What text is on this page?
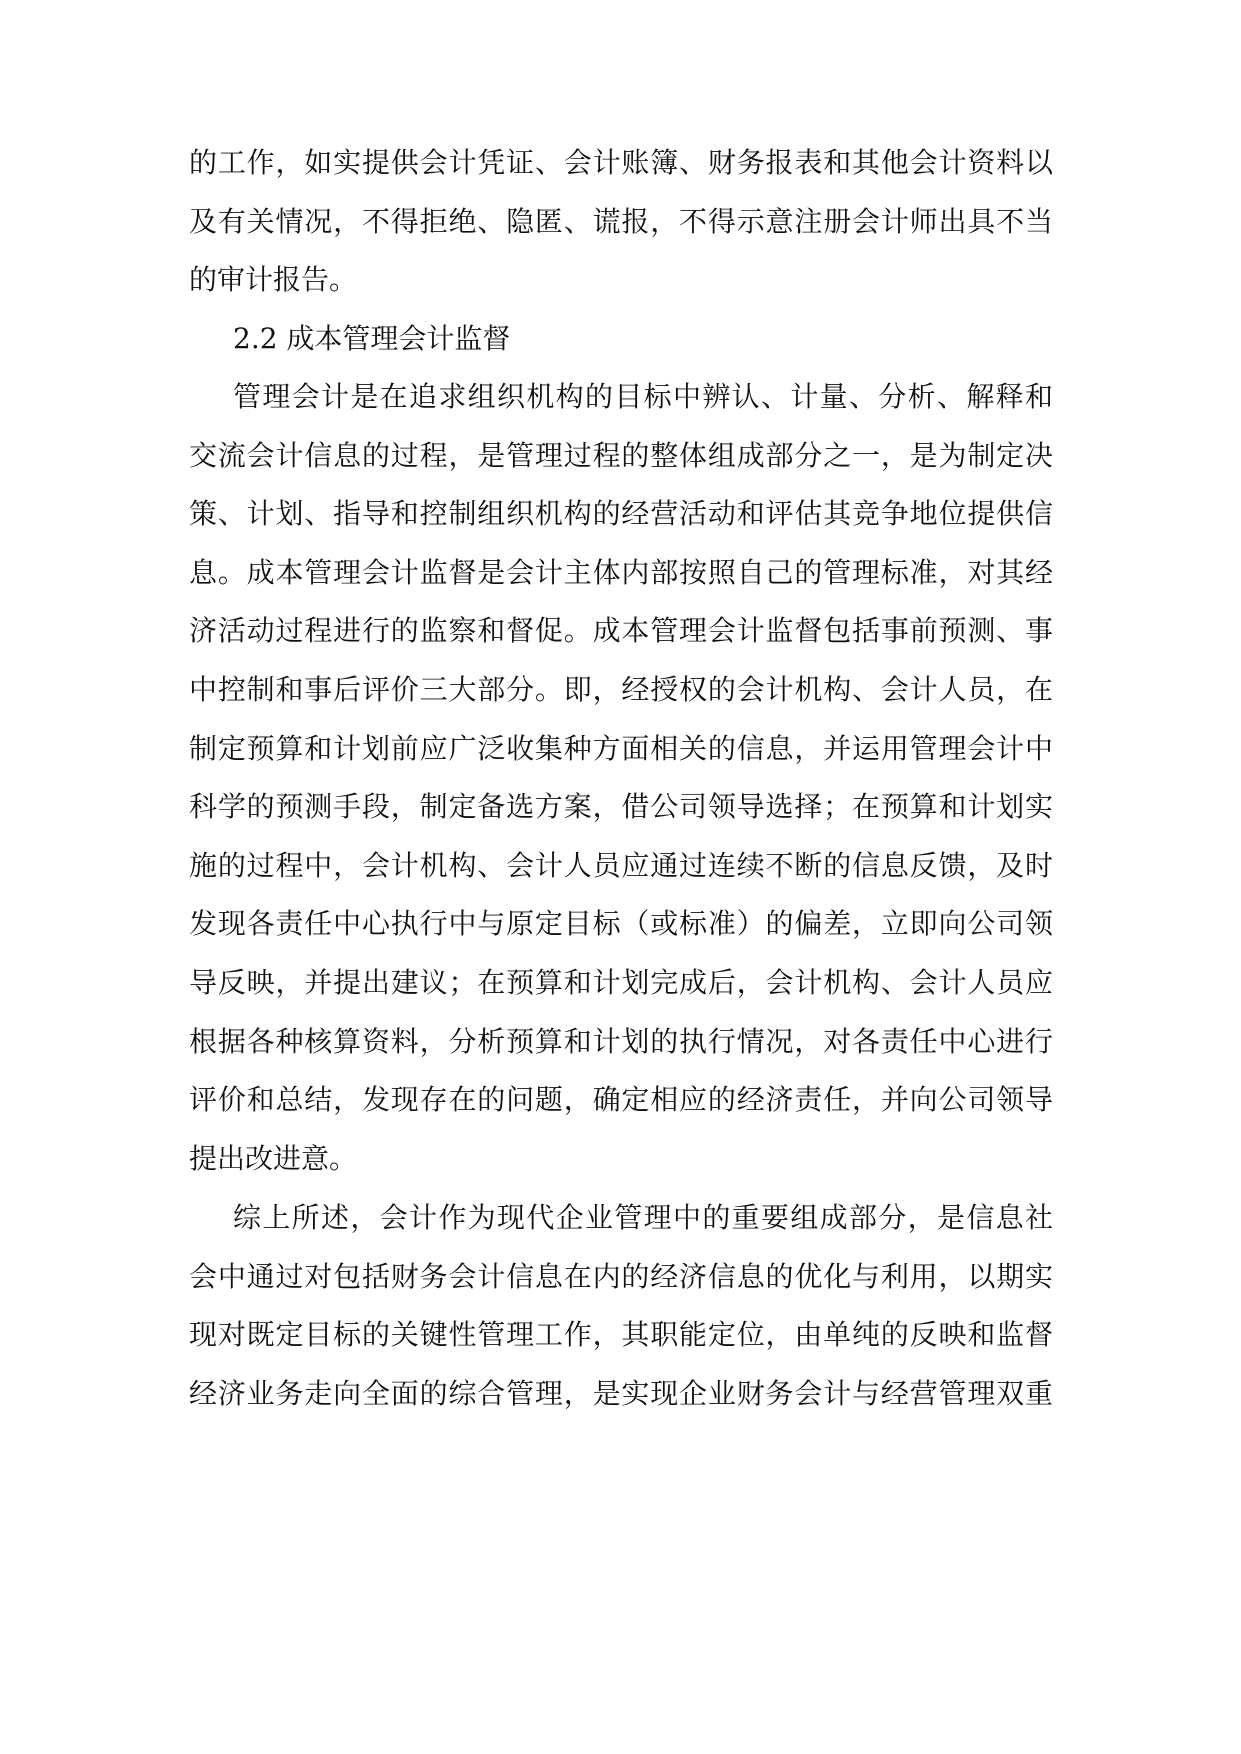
的工作，如实提供会计凭证、会计账簿、财务报表和其他会计资料以
及有关情况，不得拒绝、隐匿、谎报，不得示意注册会计师出具不当
的审计报告。
2.2 成本管理会计监督
管理会计是在追求组织机构的目标中辨认、计量、分析、解释和
交流会计信息的过程，是管理过程的整体组成部分之一，是为制定决
策、计划、指导和控制组织机构的经营活动和评估其竞争地位提供信
息。成本管理会计监督是会计主体内部按照自己的管理标准，对其经
济活动过程进行的监察和督促。成本管理会计监督包括事前预测、事
中控制和事后评价三大部分。即，经授权的会计机构、会计人员，在
制定预算和计划前应广泛收集种方面相关的信息，并运用管理会计中
科学的预测手段，制定备选方案，借公司领导选择；在预算和计划实
施的过程中，会计机构、会计人员应通过连续不断的信息反馈，及时
发现各责任中心执行中与原定目标（或标准）的偏差，立即向公司领
导反映，并提出建议；在预算和计划完成后，会计机构、会计人员应
根据各种核算资料，分析预算和计划的执行情况，对各责任中心进行
评价和总结，发现存在的问题，确定相应的经济责任，并向公司领导
提出改进意。
综上所述，会计作为现代企业管理中的重要组成部分，是信息社
会中通过对包括财务会计信息在内的经济信息的优化与利用，以期实
现对既定目标的关键性管理工作，其职能定位，由单纯的反映和监督
经济业务走向全面的综合管理，是实现企业财务会计与经营管理双重
